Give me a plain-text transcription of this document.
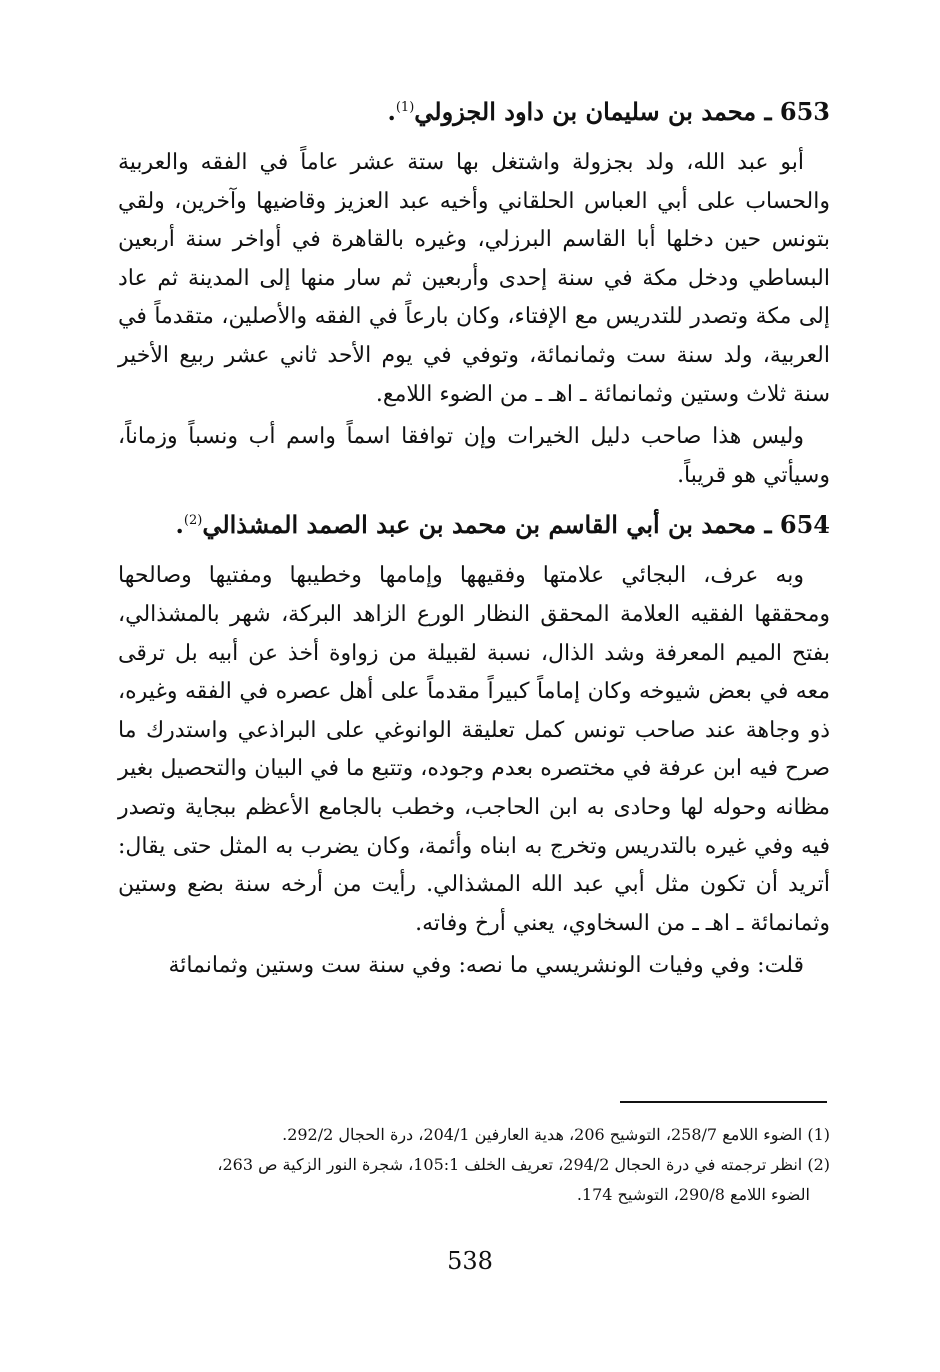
653 ـ محمد بن سليمان بن داود الجزولي$^{(1)}$.

أبو عبد الله، ولد بجزولة واشتغل بها ستة عشر عاماً في الفقه والعربية والحساب على أبي العباس الحلقاني وأخيه عبد العزيز وقاضيها وآخرين، ولقي بتونس حين دخلها أبا القاسم البرزلي، وغيره بالقاهرة في أواخر سنة أربعين البساطي ودخل مكة في سنة إحدى وأربعين ثم سار منها إلى المدينة ثم عاد إلى مكة وتصدر للتدريس مع الإفتاء، وكان بارعاً في الفقه والأصلين، متقدماً في العربية، ولد سنة ست وثمانمائة، وتوفي في يوم الأحد ثاني عشر ربيع الأخير سنة ثلاث وستين وثمانمائة ـ اهـ ـ من الضوء اللامع.

وليس هذا صاحب دليل الخيرات وإن توافقا اسماً واسم أب ونسباً وزماناً، وسيأتي هو قريباً.

654 ـ محمد بن أبي القاسم بن محمد بن عبد الصمد المشذالي$^{(2)}$.

وبه عرف، البجائي علامتها وفقيهها وإمامها وخطيبها ومفتيها وصالحها ومحققها الفقيه العلامة المحقق النظار الورع الزاهد البركة، شهر بالمشذالي، بفتح الميم المعرفة وشد الذال، نسبة لقبيلة من زواوة أخذ عن أبيه بل ترقى معه في بعض شيوخه وكان إماماً كبيراً مقدماً على أهل عصره في الفقه وغيره، ذو وجاهة عند صاحب تونس كمل تعليقة الوانوغي على البراذعي واستدرك ما صرح فيه ابن عرفة في مختصره بعدم وجوده، وتتبع ما في البيان والتحصيل بغير مظانه وحوله لها وحادى به ابن الحاجب، وخطب بالجامع الأعظم ببجاية وتصدر فيه وفي غيره بالتدريس وتخرج به ابناه وأئمة، وكان يضرب به المثل حتى يقال: أتريد أن تكون مثل أبي عبد الله المشذالي. رأيت من أرخه سنة بضع وستين وثمانمائة ـ اهـ ـ من السخاوي، يعني أرخ وفاته.

قلت: وفي وفيات الونشريسي ما نصه: وفي سنة ست وستين وثمانمائة

(1) الضوء اللامع 258/7، التوشيح 206، هدية العارفين 204/1، درة الحجال 292/2.

(2) انظر ترجمته في درة الحجال 294/2، تعريف الخلف 105:1، شجرة النور الزكية ص 263،
الضوء اللامع 290/8، التوشيح 174.

538
